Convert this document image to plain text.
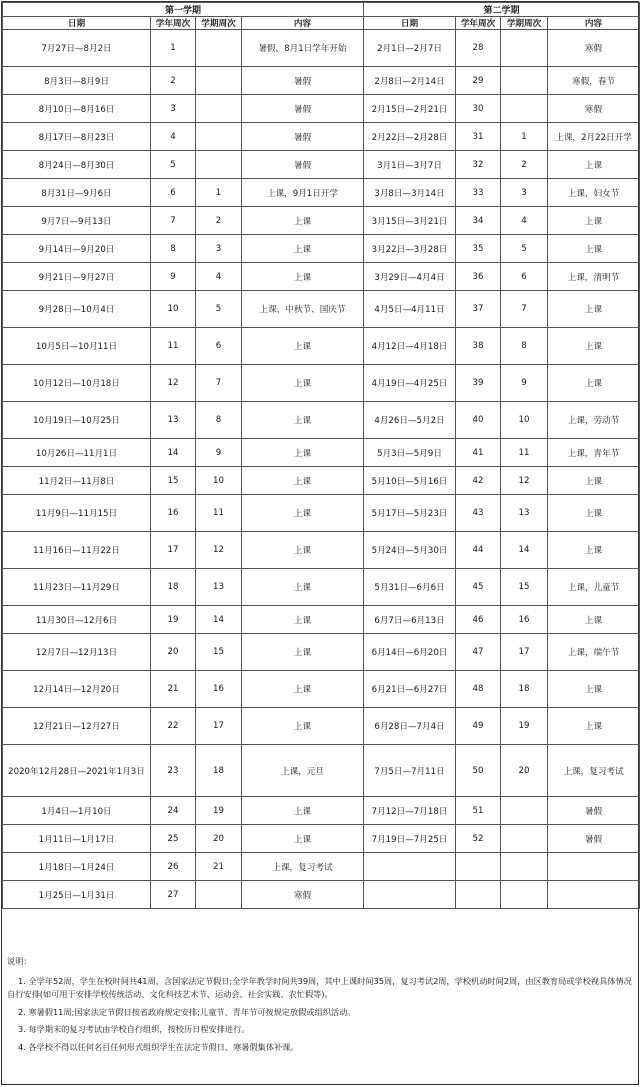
第一学期				第二学期			
日期	学年周次	学期周次	内容	日期	学年周次	学期周次	内容
7月27日—8月2日	1		暑假，8月1日学年开始	2月1日—2月7日	28		寒假
8月3日—8月9日	2		暑假	2月8日—2月14日	29		寒假，春节
8月10日—8月16日	3		暑假	2月15日—2月21日	30		寒假
8月17日—8月23日	4		暑假	2月22日—2月28日	31	1	上课，2月22日开学
8月24日—8月30日	5		暑假	3月1日—3月7日	32	2	上课
8月31日—9月6日	6	1	上课，9月1日开学	3月8日—3月14日	33	3	上课，妇女节
9月7日—9月13日	7	2	上课	3月15日—3月21日	34	4	上课
9月14日—9月20日	8	3	上课	3月22日—3月28日	35	5	上课
9月21日—9月27日	9	4	上课	3月29日—4月4日	36	6	上课，清明节
9月28日—10月4日	10	5	上课，中秋节、国庆节	4月5日—4月11日	37	7	上课
10月5日—10月11日	11	6	上课	4月12日—4月18日	38	8	上课
10月12日—10月18日	12	7	上课	4月19日—4月25日	39	9	上课
10月19日—10月25日	13	8	上课	4月26日—5月2日	40	10	上课，劳动节
10月26日—11月1日	14	9	上课	5月3日—5月9日	41	11	上课，青年节
11月2日—11月8日	15	10	上课	5月10日—5月16日	42	12	上课
11月9日—11月15日	16	11	上课	5月17日—5月23日	43	13	上课
11月16日—11月22日	17	12	上课	5月24日—5月30日	44	14	上课
11月23日—11月29日	18	13	上课	5月31日—6月6日	45	15	上课，儿童节
11月30日—12月6日	19	14	上课	6月7日—6月13日	46	16	上课
12月7日—12月13日	20	15	上课	6月14日—6月20日	47	17	上课，端午节
12月14日—12月20日	21	16	上课	6月21日—6月27日	48	18	上课
12月21日—12月27日	22	17	上课	6月28日—7月4日	49	19	上课
2020年12月28日—2021年1月3日	23	18	上课，元旦	7月5日—7月11日	50	20	上课，复习考试
1月4日—1月10日	24	19	上课	7月12日—7月18日	51		暑假
1月11日—1月17日	25	20	上课	7月19日—7月25日	52		暑假
1月18日—1月24日	26	21	上课，复习考试				
1月25日—1月31日	27		寒假				

说明：

1. 全学年52周，学生在校时间共41周，含国家法定节假日;全学年教学时间共39周，其中上课时间35周，复习考试2周，学校机动时间2周，由区教育局或学校视具体情况自行安排(如可用于安排学校传统活动、文化科技艺术节、运动会、社会实践、农忙假等)。

2. 寒暑假11周;国家法定节假日按省政府规定安排;儿童节、青年节可按规定放假或组织活动。

3. 每学期末的复习考试由学校自行组织，按校历日程安排进行。

4. 各学校不得以任何名目任何形式组织学生在法定节假日、寒暑假集体补课。
